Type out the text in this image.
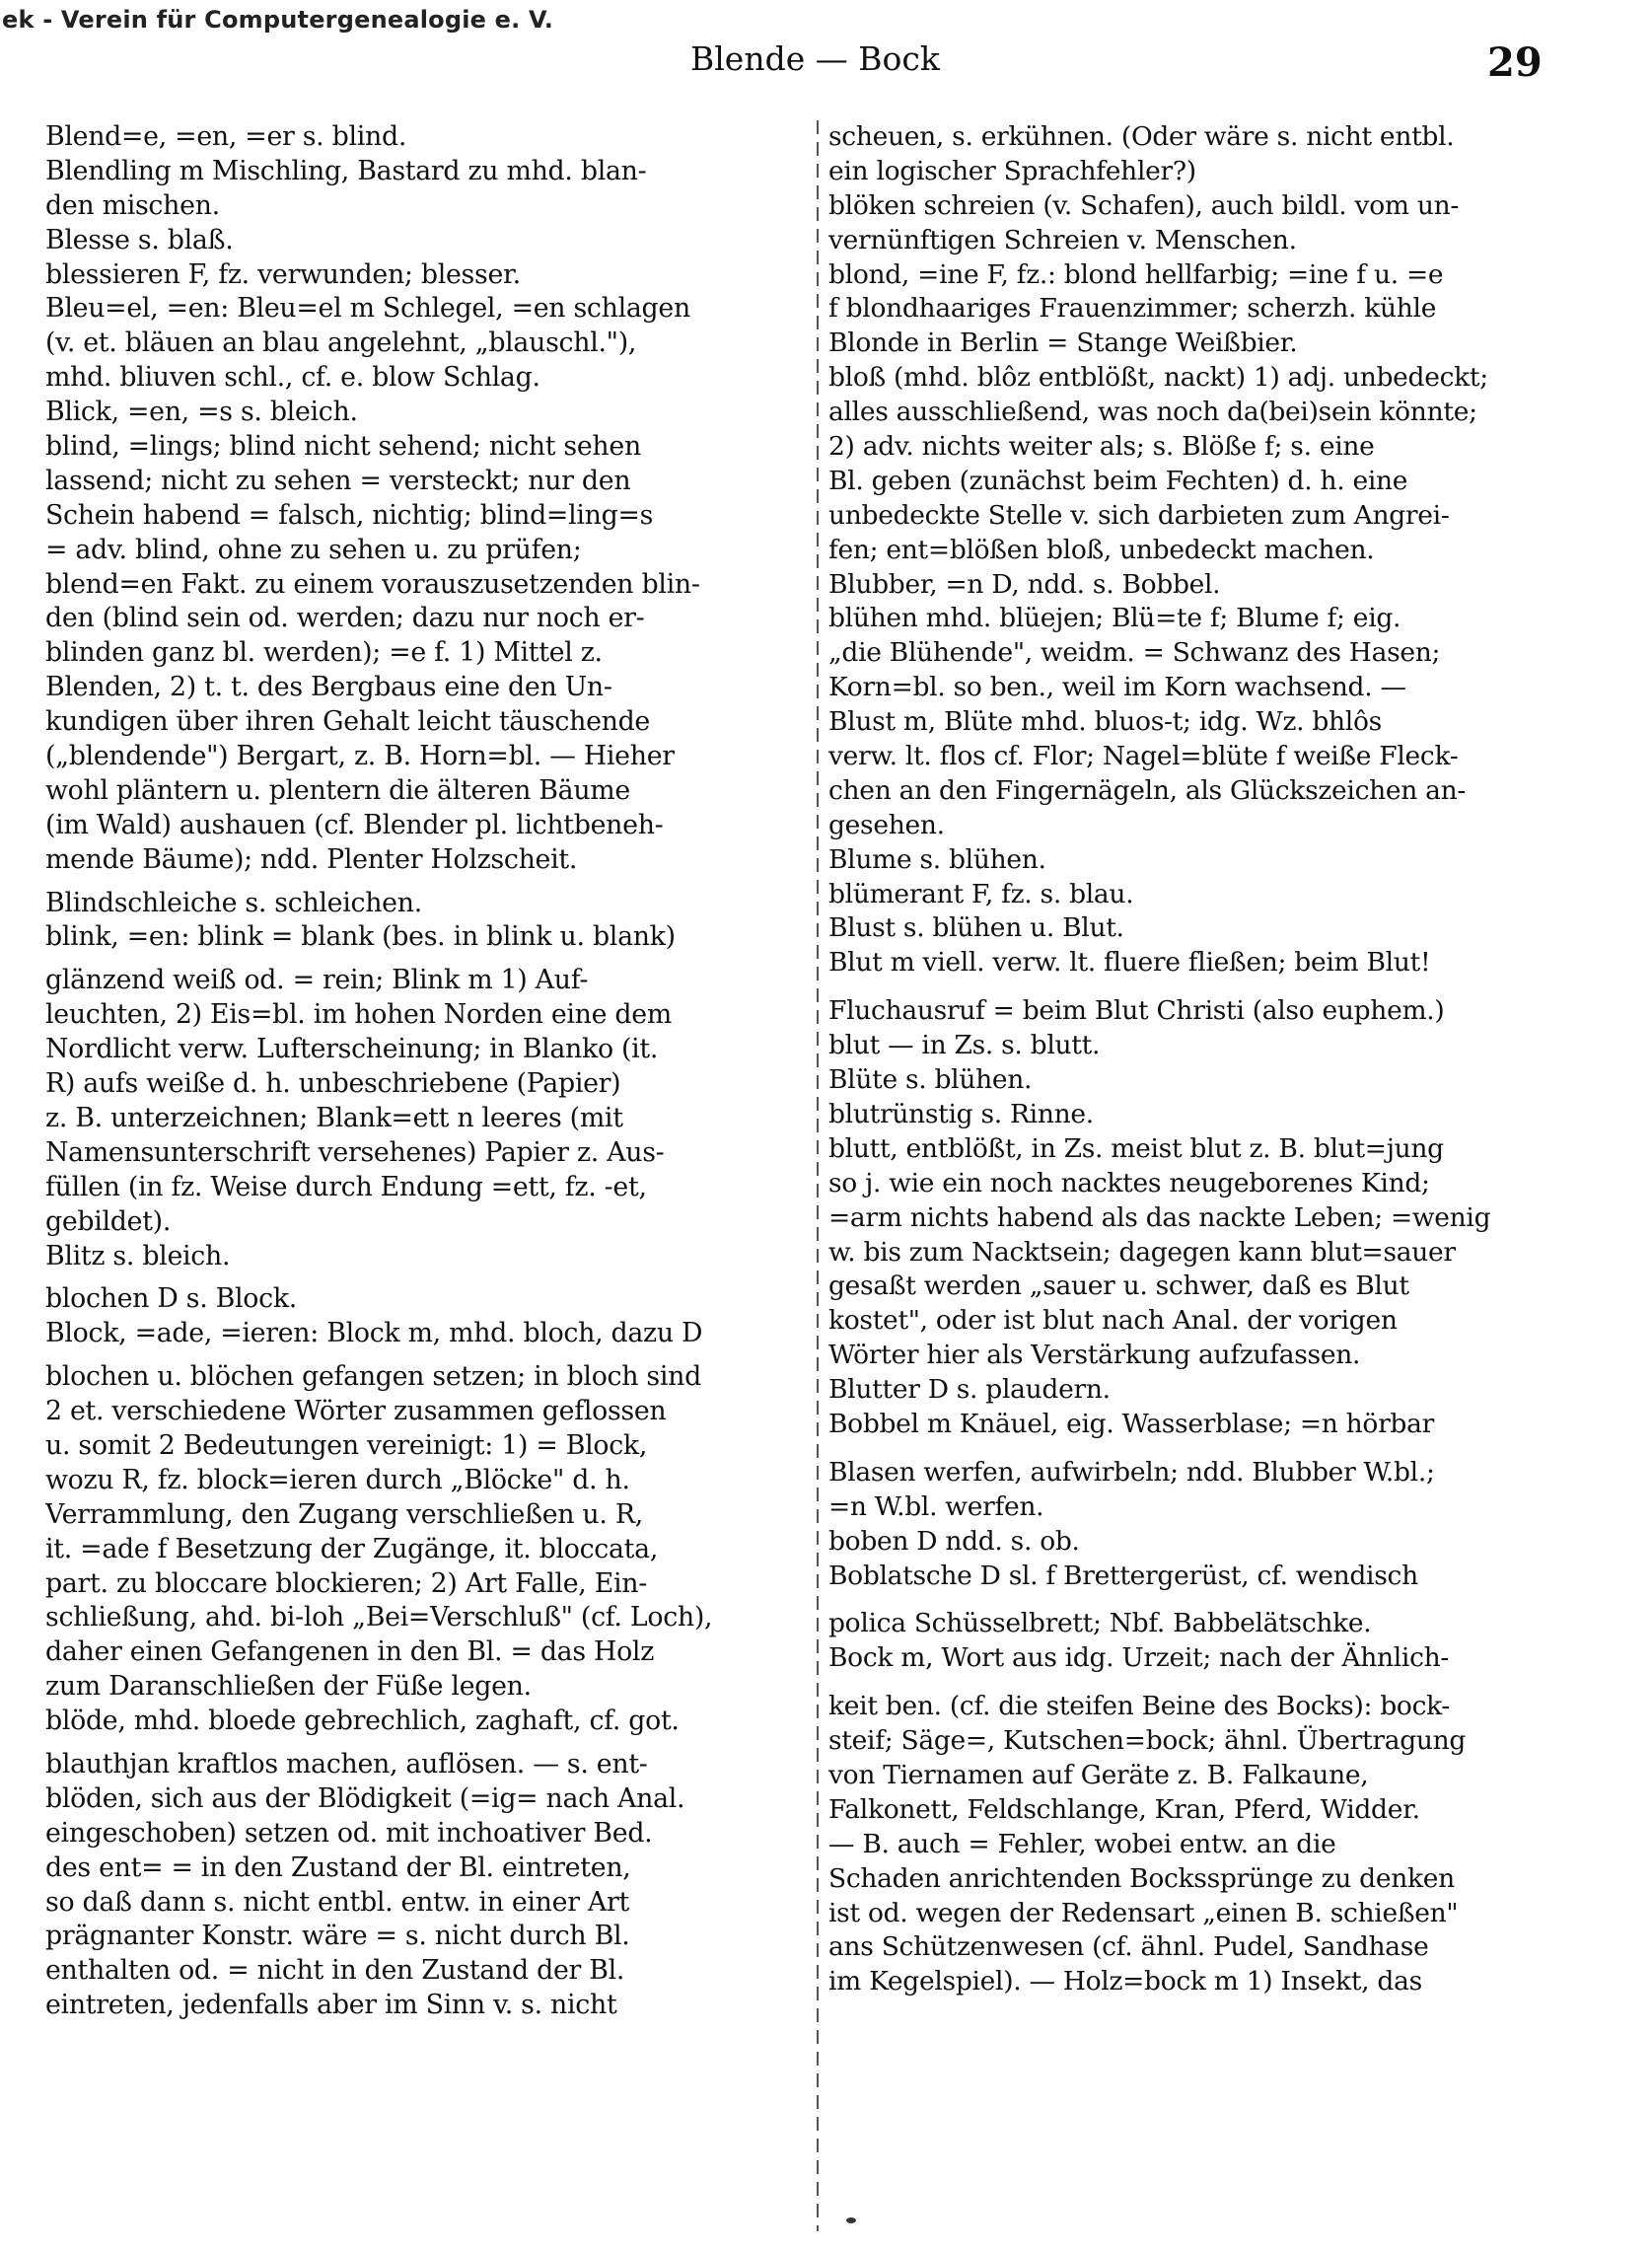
ek - Verein für Computergenealogie e. V.
Blende — Bock	29
Blend=e, =en, =er s. blind.
Blendling m Mischling, Bastard zu mhd. blan-
den mischen.
Blesse s. blaß.
blessieren F, fz. verwunden; blesser.
Bleu=el, =en: Bleu=el m Schlegel, =en schlagen
(v. et. bläuen an blau angelehnt, „blauschl."),
mhd. bliuven schl., cf. e. blow Schlag.
Blick, =en, =s s. bleich.
blind, =lings; blind nicht sehend; nicht sehen
lassend; nicht zu sehen = versteckt; nur den
Schein habend = falsch, nichtig; blind=ling=s
= adv. blind, ohne zu sehen u. zu prüfen;
blend=en Fakt. zu einem vorauszusetzenden blin-
den (blind sein od. werden; dazu nur noch er-
blinden ganz bl. werden); =e f. 1) Mittel z.
Blenden, 2) t. t. des Bergbaus eine den Un-
kundigen über ihren Gehalt leicht täuschende
(„blendende") Bergart, z. B. Horn=bl. — Hieher
wohl pläntern u. plentern die älteren Bäume
(im Wald) aushauen (cf. Blender pl. lichtbeneh-
mende Bäume); ndd. Plenter Holzscheit.
Blindschleiche s. schleichen.
blink, =en: blink = blank (bes. in blink u. blank)
glänzend weiß od. = rein; Blink m 1) Auf-
leuchten, 2) Eis=bl. im hohen Norden eine dem
Nordlicht verw. Lufterscheinung; in Blanko (it.
R) aufs weiße d. h. unbeschriebene (Papier)
z. B. unterzeichnen; Blank=ett n leeres (mit
Namensunterschrift versehenes) Papier z. Aus-
füllen (in fz. Weise durch Endung =ett, fz. -et,
gebildet).
Blitz s. bleich.
blochen D s. Block.
Block, =ade, =ieren: Block m, mhd. bloch, dazu D
blochen u. blöchen gefangen setzen; in bloch sind
2 et. verschiedene Wörter zusammen geflossen
u. somit 2 Bedeutungen vereinigt: 1) = Block,
wozu R, fz. block=ieren durch „Blöcke" d. h.
Verrammlung, den Zugang verschließen u. R,
it. =ade f Besetzung der Zugänge, it. bloccata,
part. zu bloccare blockieren; 2) Art Falle, Ein-
schließung, ahd. bi-loh „Bei=Verschluß" (cf. Loch),
daher einen Gefangenen in den Bl. = das Holz
zum Daranschließen der Füße legen.
blöde, mhd. bloede gebrechlich, zaghaft, cf. got.
blauthjan kraftlos machen, auflösen. — s. ent-
blöden, sich aus der Blödigkeit (=ig= nach Anal.
eingeschoben) setzen od. mit inchoativer Bed.
des ent= = in den Zustand der Bl. eintreten,
so daß dann s. nicht entbl. entw. in einer Art
prägnanter Konstr. wäre = s. nicht durch Bl.
enthalten od. = nicht in den Zustand der Bl.
eintreten, jedenfalls aber im Sinn v. s. nicht
scheuen, s. erkühnen. (Oder wäre s. nicht entbl.
ein logischer Sprachfehler?)
blöken schreien (v. Schafen), auch bildl. vom un-
vernünftigen Schreien v. Menschen.
blond, =ine F, fz.: blond hellfarbig; =ine f u. =e
f blondhaariges Frauenzimmer; scherzh. kühle
Blonde in Berlin = Stange Weißbier.
bloß (mhd. blôz entblößt, nackt) 1) adj. unbedeckt;
alles ausschließend, was noch da(bei)sein könnte;
2) adv. nichts weiter als; s. Blöße f; s. eine
Bl. geben (zunächst beim Fechten) d. h. eine
unbedeckte Stelle v. sich darbieten zum Angrei-
fen; ent=blößen bloß, unbedeckt machen.
Blubber, =n D, ndd. s. Bobbel.
blühen mhd. blüejen; Blü=te f; Blume f; eig.
„die Blühende", weidm. = Schwanz des Hasen;
Korn=bl. so ben., weil im Korn wachsend. —
Blust m, Blüte mhd. bluos-t; idg. Wz. bhlôs
verw. lt. flos cf. Flor; Nagel=blüte f weiße Fleck-
chen an den Fingernägeln, als Glückszeichen an-
gesehen.
Blume s. blühen.
blümerant F, fz. s. blau.
Blust s. blühen u. Blut.
Blut m viell. verw. lt. fluere fließen; beim Blut!
Fluchausruf = beim Blut Christi (also euphem.)
blut — in Zs. s. blutt.
Blüte s. blühen.
blutrünstig s. Rinne.
blutt, entblößt, in Zs. meist blut z. B. blut=jung
so j. wie ein noch nacktes neugeborenes Kind;
=arm nichts habend als das nackte Leben; =wenig
w. bis zum Nacktsein; dagegen kann blut=sauer
gesaßt werden „sauer u. schwer, daß es Blut
kostet", oder ist blut nach Anal. der vorigen
Wörter hier als Verstärkung aufzufassen.
Blutter D s. plaudern.
Bobbel m Knäuel, eig. Wasserblase; =n hörbar
Blasen werfen, aufwirbeln; ndd. Blubber W.bl.;
=n W.bl. werfen.
boben D ndd. s. ob.
Boblatsche D sl. f Brettergerüst, cf. wendisch
polica Schüsselbrett; Nbf. Babbelätschke.
Bock m, Wort aus idg. Urzeit; nach der Ähnlich-
keit ben. (cf. die steifen Beine des Bocks): bock-
steif; Säge=, Kutschen=bock; ähnl. Übertragung
von Tiernamen auf Geräte z. B. Falkaune,
Falkonett, Feldschlange, Kran, Pferd, Widder.
— B. auch = Fehler, wobei entw. an die
Schaden anrichtenden Bockssprünge zu denken
ist od. wegen der Redensart „einen B. schießen"
ans Schützenwesen (cf. ähnl. Pudel, Sandhase
im Kegelspiel). — Holz=bock m 1) Insekt, das
